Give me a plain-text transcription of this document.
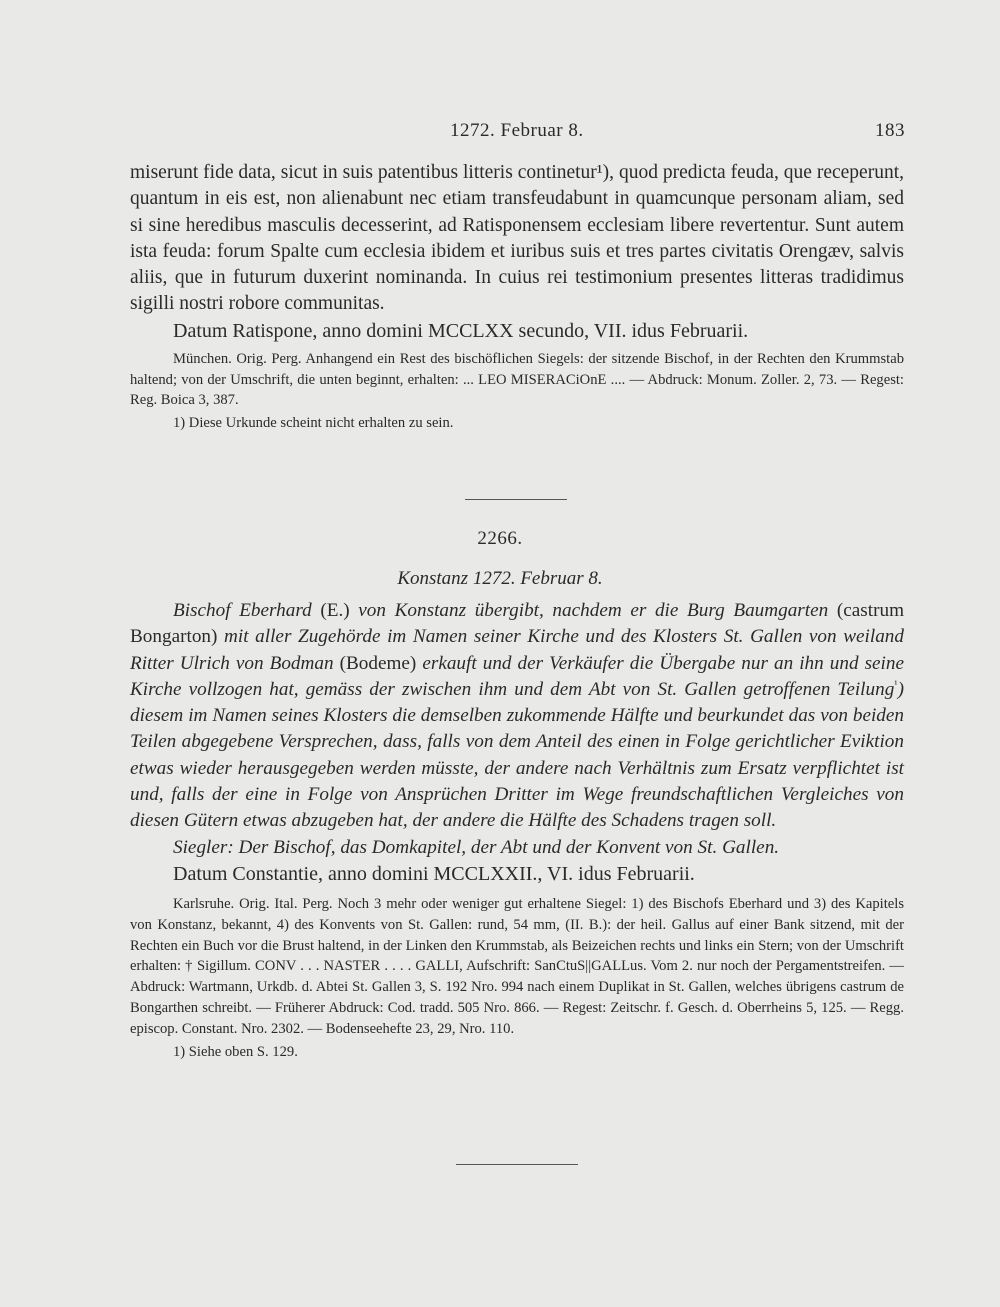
1272. Februar 8.	183

miserunt fide data, sicut in suis patentibus litteris continetur¹), quod predicta feuda, que receperunt, quantum in eis est, non alienabunt nec etiam transfeudabunt in quamcunque personam aliam, sed si sine heredibus masculis decesserint, ad Ratisponensem ecclesiam libere revertentur. Sunt autem ista feuda: forum Spalte cum ecclesia ibidem et iuribus suis et tres partes civitatis Orengæv, salvis aliis, que in futurum duxerint nominanda. In cuius rei testimonium presentes litteras tradidimus sigilli nostri robore communitas.

Datum Ratispone, anno domini MCCLXX secundo, VII. idus Februarii.

München. Orig. Perg. Anhangend ein Rest des bischöflichen Siegels: der sitzende Bischof, in der Rechten den Krummstab haltend; von der Umschrift, die unten beginnt, erhalten: ... LEO MISERACiOnE .... — Abdruck: Monum. Zoller. 2, 73. — Regest: Reg. Boica 3, 387.

1) Diese Urkunde scheint nicht erhalten zu sein.

2266.
Konstanz 1272. Februar 8.

Bischof Eberhard (E.) von Konstanz übergibt, nachdem er die Burg Baumgarten (castrum Bongarton) mit aller Zugehörde im Namen seiner Kirche und des Klosters St. Gallen von weiland Ritter Ulrich von Bodman (Bodeme) erkauft und der Verkäufer die Übergabe nur an ihn und seine Kirche vollzogen hat, gemäss der zwischen ihm und dem Abt von St. Gallen getroffenen Teilung$^{^1}$) diesem im Namen seines Klosters die demselben zukommende Hälfte und beurkundet das von beiden Teilen abgegebene Versprechen, dass, falls von dem Anteil des einen in Folge gerichtlicher Eviktion etwas wieder herausgegeben werden müsste, der andere nach Verhältnis zum Ersatz verpflichtet ist und, falls der eine in Folge von Ansprüchen Dritter im Wege freundschaftlichen Vergleiches von diesen Gütern etwas abzugeben hat, der andere die Hälfte des Schadens tragen soll.

Siegler: Der Bischof, das Domkapitel, der Abt und der Konvent von St. Gallen.

Datum Constantie, anno domini MCCLXXII., VI. idus Februarii.

Karlsruhe. Orig. Ital. Perg. Noch 3 mehr oder weniger gut erhaltene Siegel: 1) des Bischofs Eberhard und 3) des Kapitels von Konstanz, bekannt, 4) des Konvents von St. Gallen: rund, 54 mm, (II. B.): der heil. Gallus auf einer Bank sitzend, mit der Rechten ein Buch vor die Brust haltend, in der Linken den Krummstab, als Beizeichen rechts und links ein Stern; von der Umschrift erhalten: † Sigillum. CONV . . . NASTER . . . . GALLI, Aufschrift: SanCtuS||GALLus. Vom 2. nur noch der Pergamentstreifen. — Abdruck: Wartmann, Urkdb. d. Abtei St. Gallen 3, S. 192 Nro. 994 nach einem Duplikat in St. Gallen, welches übrigens castrum de Bongarthen schreibt. — Früherer Abdruck: Cod. tradd. 505 Nro. 866. — Regest: Zeitschr. f. Gesch. d. Oberrheins 5, 125. — Regg. episcop. Constant. Nro. 2302. — Bodenseehefte 23, 29, Nro. 110.

1) Siehe oben S. 129.
